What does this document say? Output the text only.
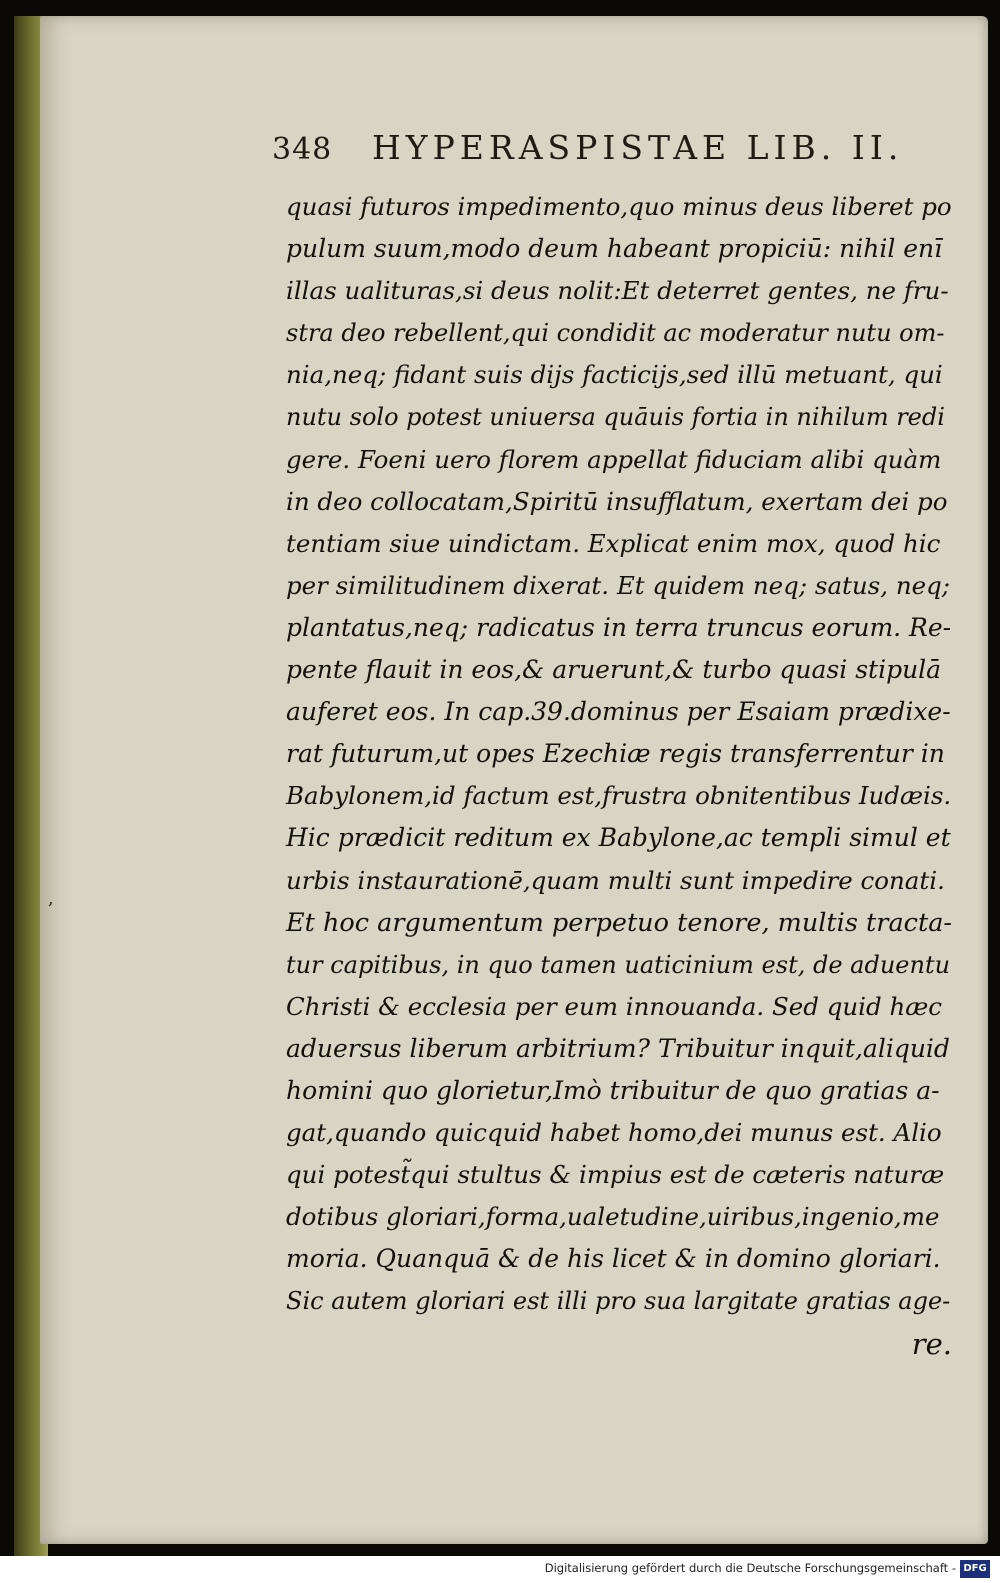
348 HYPERASPISTAE LIB. II.
quasi futuros impedimento,quo minus deus liberet po
pulum suum,modo deum habeant propiciū: nihil enī
illas ualituras,si deus nolit:Et deterret gentes, ne fru-
stra deo rebellent,qui condidit ac moderatur nutu om-
nia,neq; fidant suis dijs facticijs,sed illū metuant, qui
nutu solo potest uniuersa quāuis fortia in nihilum redi
gere. Foeni uero florem appellat fiduciam alibi quàm
in deo collocatam,Spiritū insufflatum, exertam dei po
tentiam siue uindictam. Explicat enim mox, quod hic
per similitudinem dixerat. Et quidem neq; satus, neq;
plantatus,neq; radicatus in terra truncus eorum. Re-
pente flauit in eos,& aruerunt,& turbo quasi stipulā
auferet eos. In cap.39.dominus per Esaiam prædixe-
rat futurum,ut opes Ezechiæ regis transferrentur in
Babylonem,id factum est,frustra obnitentibus Iudæis.
Hic prædicit reditum ex Babylone,ac templi simul et
urbis instaurationē,quam multi sunt impedire conati.
Et hoc argumentum perpetuo tenore, multis tracta-
tur capitibus, in quo tamen uaticinium est, de aduentu
Christi & ecclesia per eum innouanda. Sed quid hæc
aduersus liberum arbitrium? Tribuitur inquit,aliquid
homini quo glorietur,Imò tribuitur de quo gratias a-
gat,quando quicquid habet homo,dei munus est. Alio
qui potest͏̃qui stultus & impius est de cæteris naturæ
dotibus gloriari,forma,ualetudine,uiribus,ingenio,me
moria. Quanquā & de his licet & in domino gloriari.
Sic autem gloriari est illi pro sua largitate gratias age-
re.
Digitalisierung gefördert durch die Deutsche Forschungsgemeinschaft - DFG
